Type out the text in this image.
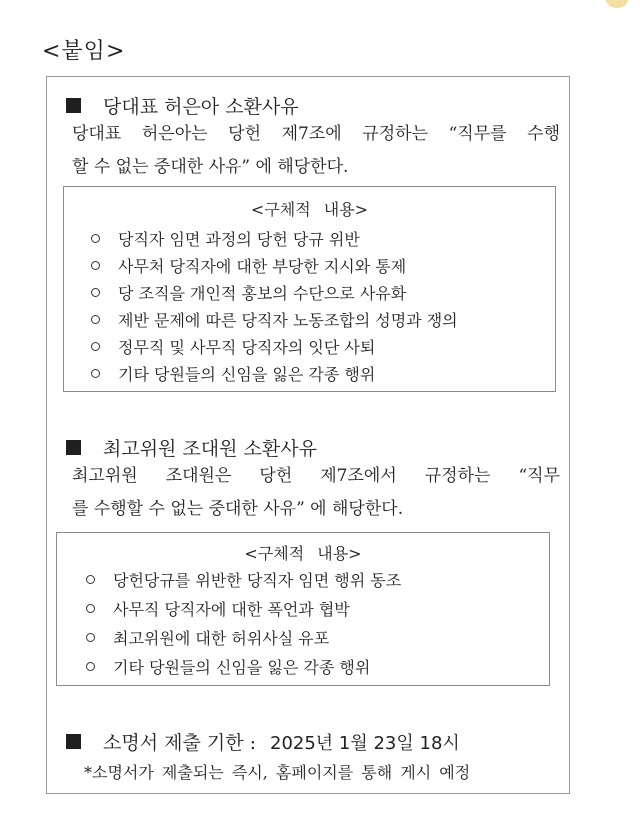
<붙임>
당대표 허은아 소환사유
당대표 허은아는 당헌 제7조에 규정하는 “직무를 수행
할 수 없는 중대한 사유” 에 해당한다.
<구체적 내용>
당직자 임면 과정의 당헌 당규 위반
사무처 당직자에 대한 부당한 지시와 통제
당 조직을 개인적 홍보의 수단으로 사유화
제반 문제에 따른 당직자 노동조합의 성명과 쟁의
정무직 및 사무직 당직자의 잇단 사퇴
기타 당원들의 신임을 잃은 각종 행위
최고위원 조대원 소환사유
최고위원 조대원은 당헌 제7조에서 규정하는 “직무
를 수행할 수 없는 중대한 사유” 에 해당한다.
<구체적 내용>
당헌당규를 위반한 당직자 임면 행위 동조
사무직 당직자에 대한 폭언과 협박
최고위원에 대한 허위사실 유포
기타 당원들의 신임을 잃은 각종 행위
소명서 제출 기한 : 2025년 1월 23일 18시
*소명서가 제출되는 즉시, 홈페이지를 통해 게시 예정
